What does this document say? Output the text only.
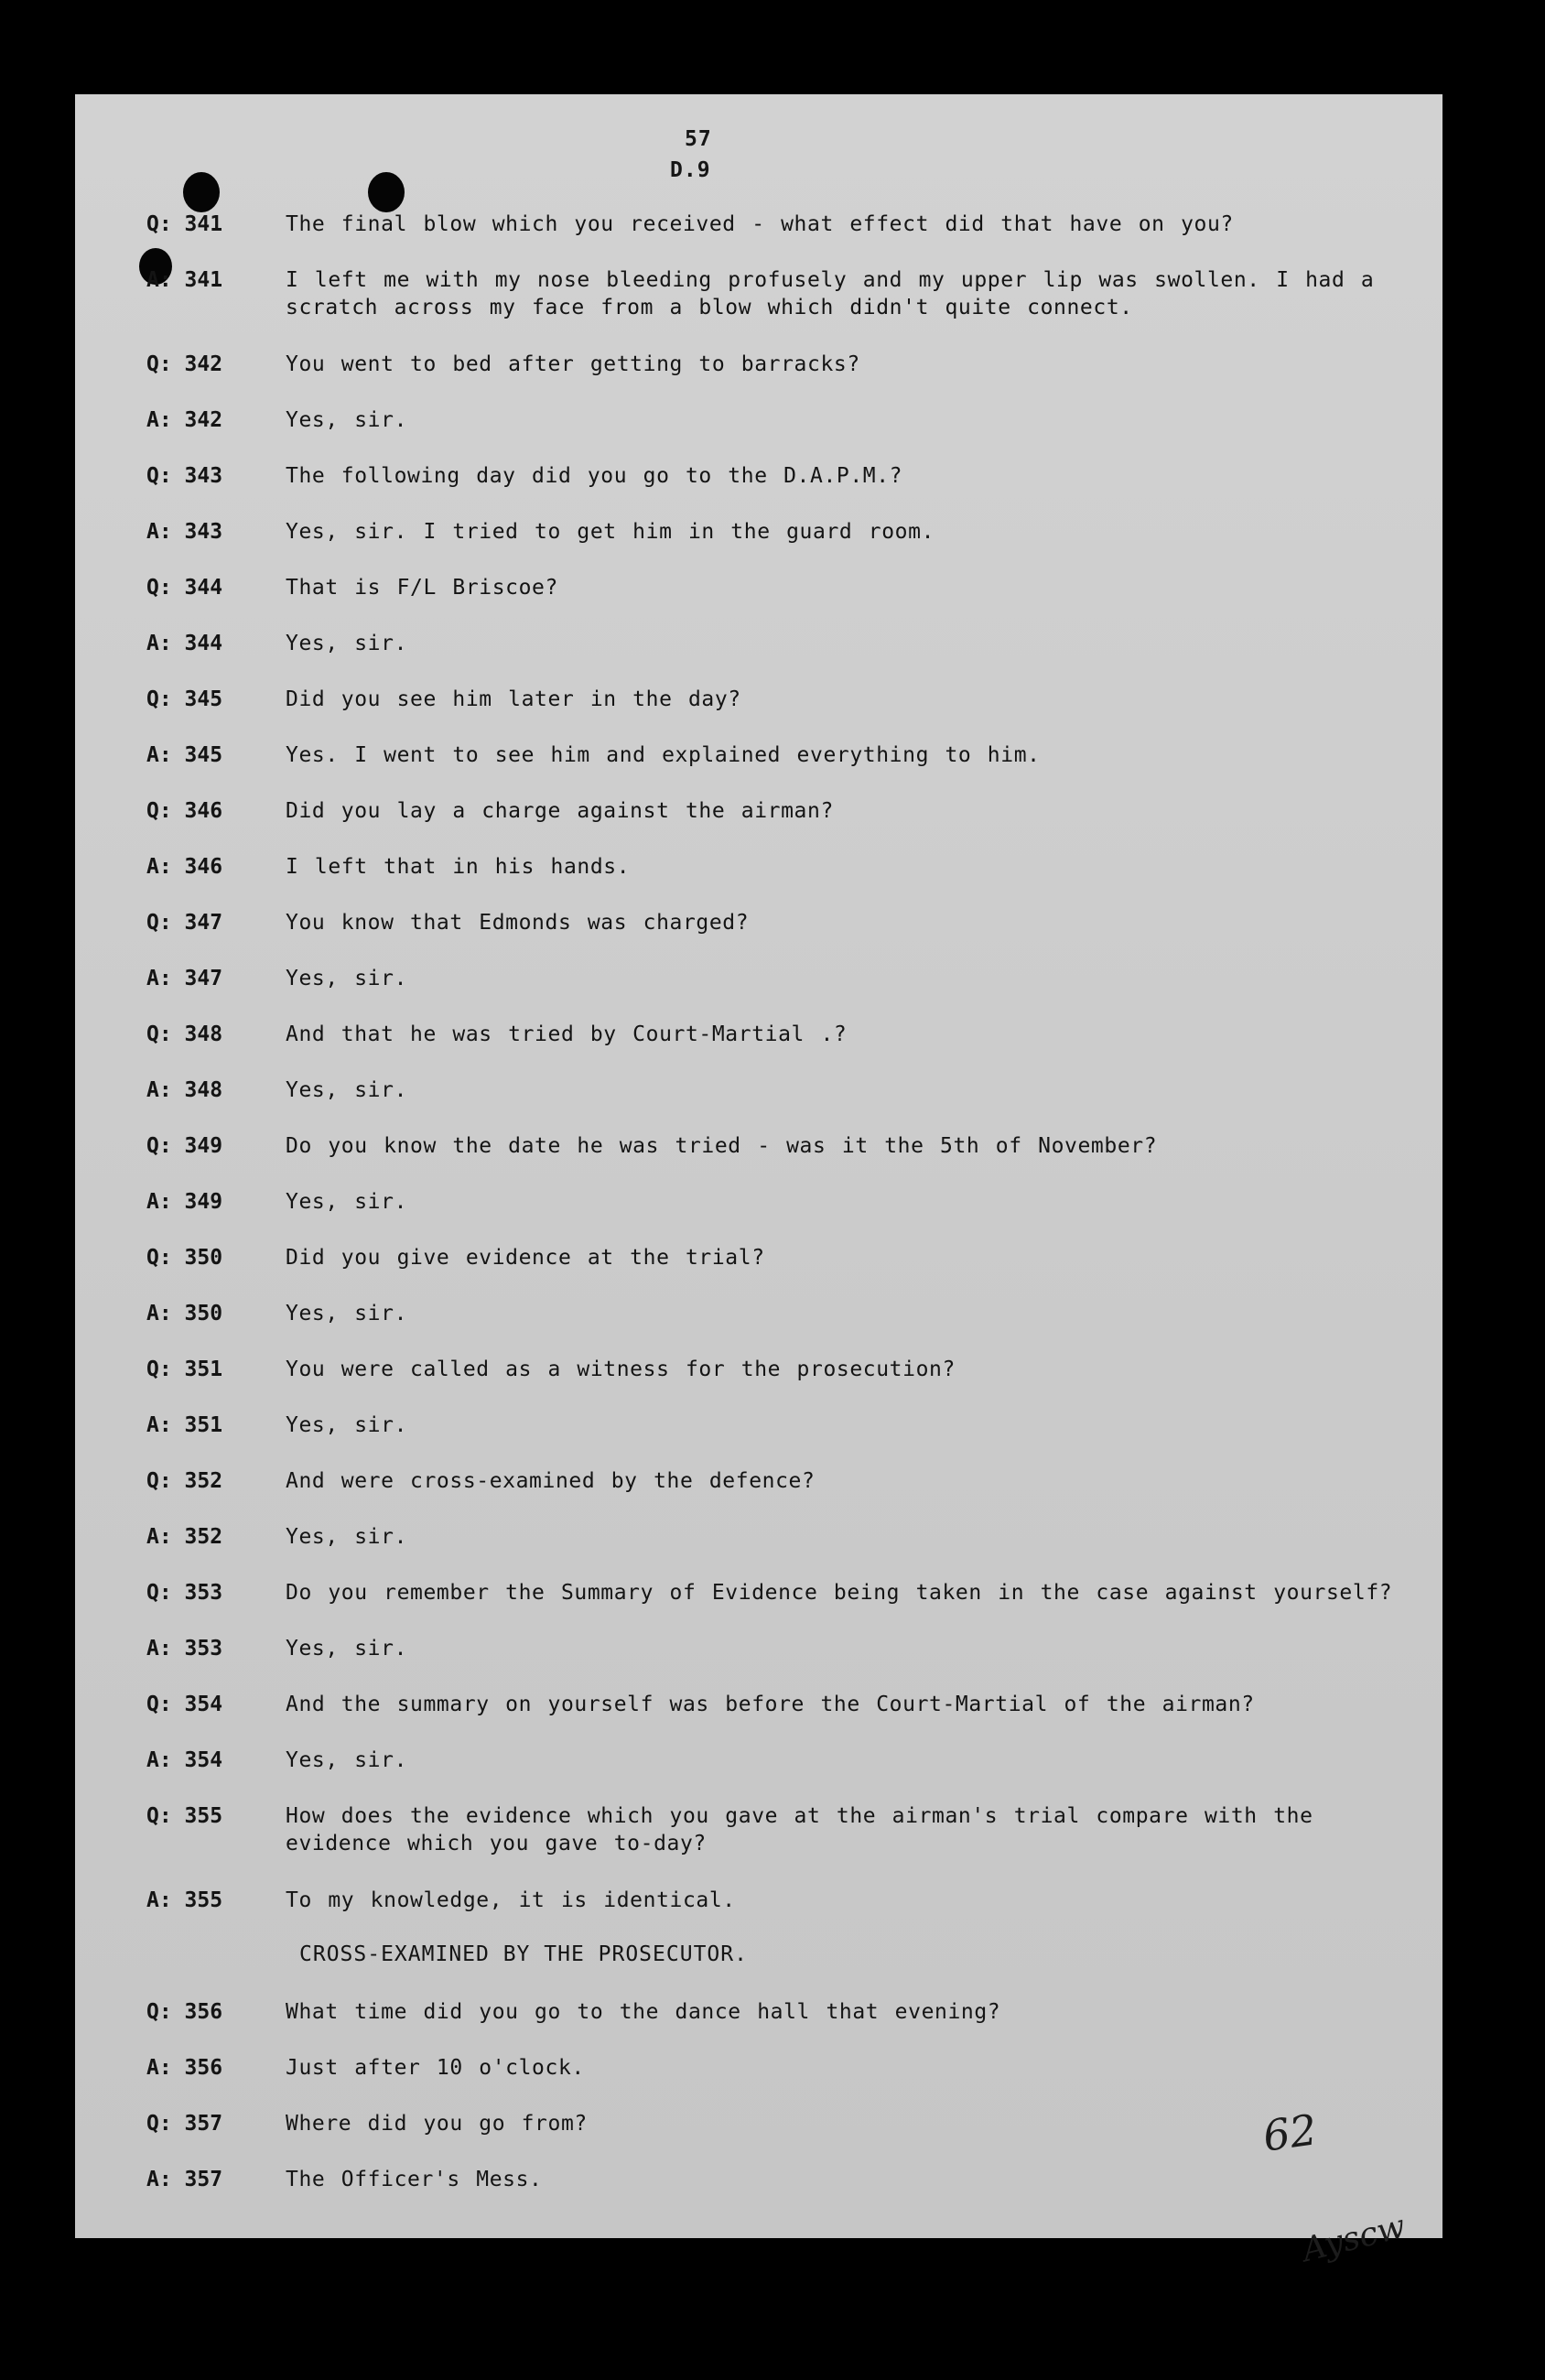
57
D.9
Q: 341	The final blow which you received - what effect did that have on you?
A: 341	I left me with my nose bleeding profusely and my upper lip was swollen. I had a scratch across my face from a blow which didn't quite connect.
Q: 342	You went to bed after getting to barracks?
A: 342	Yes, sir.
Q: 343	The following day did you go to the D.A.P.M.?
A: 343	Yes, sir. I tried to get him in the guard room.
Q: 344	That is F/L Briscoe?
A: 344	Yes, sir.
Q: 345	Did you see him later in the day?
A: 345	Yes. I went to see him and explained everything to him.
Q: 346	Did you lay a charge against the airman?
A: 346	I left that in his hands.
Q: 347	You know that Edmonds was charged?
A: 347	Yes, sir.
Q: 348	And that he was tried by Court-Martial .?
A: 348	Yes, sir.
Q: 349	Do you know the date he was tried - was it the 5th of November?
A: 349	Yes, sir.
Q: 350	Did you give evidence at the trial?
A: 350	Yes, sir.
Q: 351	You were called as a witness for the prosecution?
A: 351	Yes, sir.
Q: 352	And were cross-examined by the defence?
A: 352	Yes, sir.
Q: 353	Do you remember the Summary of Evidence being taken in the case against yourself?
A: 353	Yes, sir.
Q: 354	And the summary on yourself was before the Court-Martial of the airman?
A: 354	Yes, sir.
Q: 355	How does the evidence which you gave at the airman's trial compare with the evidence which you gave to-day?
A: 355	To my knowledge, it is identical.
CROSS-EXAMINED BY THE PROSECUTOR.
Q: 356	What time did you go to the dance hall that evening?
A: 356	Just after 10 o'clock.
Q: 357	Where did you go from?
A: 357	The Officer's Mess.
62
Ayscw
